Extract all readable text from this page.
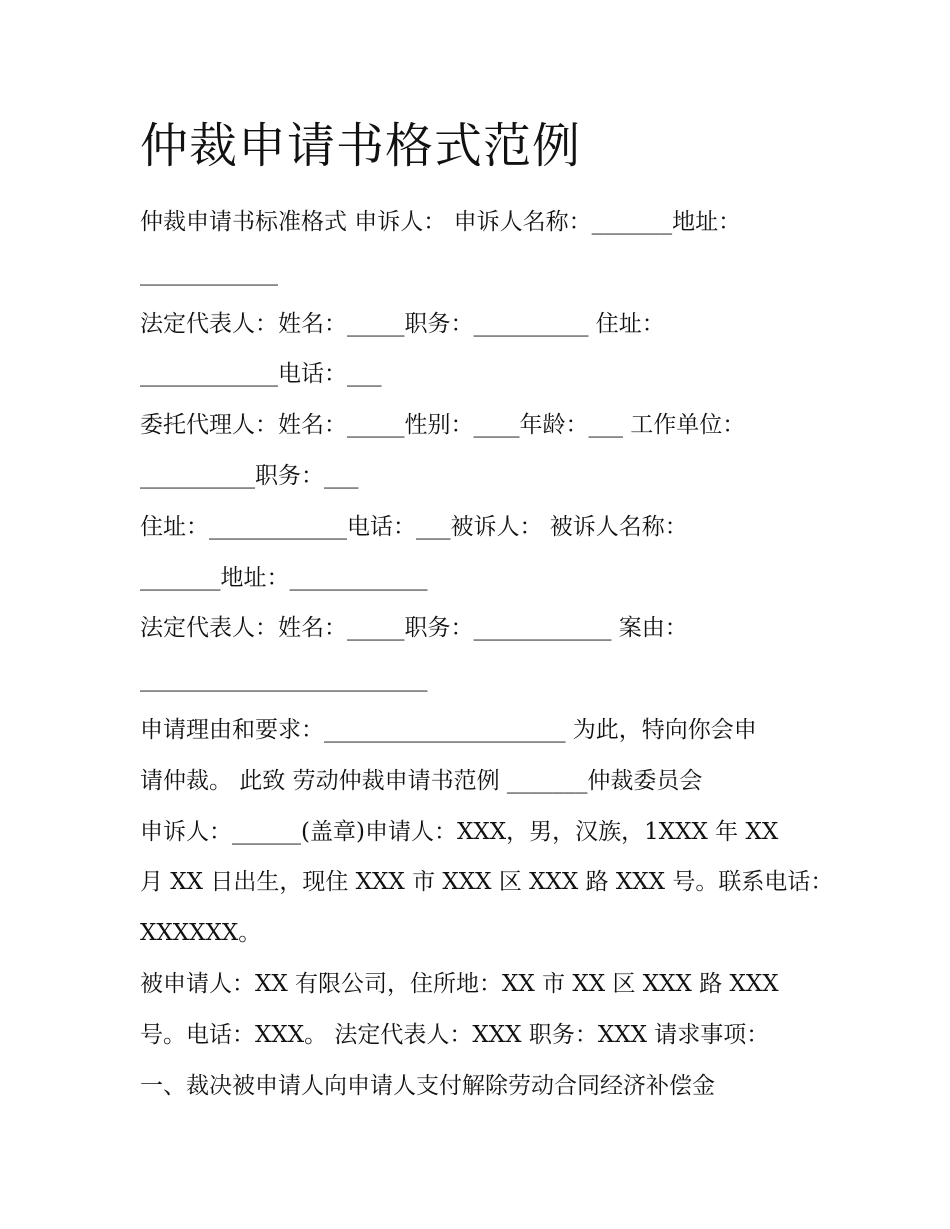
仲裁申请书格式范例
仲裁申请书标准格式 申诉人： 申诉人名称：_______地址：
____________
法定代表人：姓名：_____职务：__________ 住址：
____________电话：___
委托代理人：姓名：_____性别：____年龄：___ 工作单位：
__________职务：___
住址：____________电话：___被诉人： 被诉人名称：
_______地址：____________
法定代表人：姓名：_____职务：____________ 案由：
_________________________
申请理由和要求：_____________________ 为此，特向你会申
请仲裁。 此致 劳动仲裁申请书范例 _______仲裁委员会
申诉人：______(盖章)申请人：XXX，男，汉族，1XXX 年 XX
月 XX 日出生，现住 XXX 市 XXX 区 XXX 路 XXX 号。联系电话：
XXXXXX。
被申请人：XX 有限公司，住所地：XX 市 XX 区 XXX 路 XXX
号。电话：XXX。 法定代表人：XXX 职务：XXX 请求事项：
一、裁决被申请人向申请人支付解除劳动合同经济补偿金
